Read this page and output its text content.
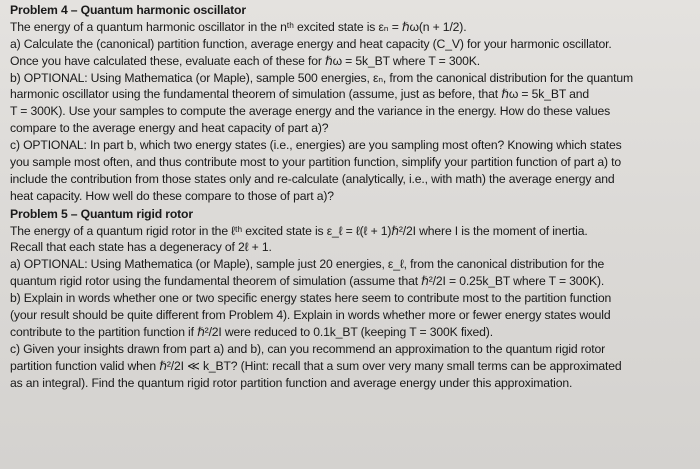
Problem 4 – Quantum harmonic oscillator
The energy of a quantum harmonic oscillator in the nᵗʰ excited state is εₙ = ℏω(n + 1/2).
a) Calculate the (canonical) partition function, average energy and heat capacity (C_V) for your harmonic oscillator.
Once you have calculated these, evaluate each of these for ℏω = 5k_BT where T = 300K.
b) OPTIONAL: Using Mathematica (or Maple), sample 500 energies, εₙ, from the canonical distribution for the quantum
harmonic oscillator using the fundamental theorem of simulation (assume, just as before, that ℏω = 5k_BT and
T = 300K). Use your samples to compute the average energy and the variance in the energy. How do these values
compare to the average energy and heat capacity of part a)?
c) OPTIONAL: In part b, which two energy states (i.e., energies) are you sampling most often? Knowing which states
you sample most often, and thus contribute most to your partition function, simplify your partition function of part a) to
include the contribution from those states only and re-calculate (analytically, i.e., with math) the average energy and
heat capacity. How well do these compare to those of part a)?
Problem 5 – Quantum rigid rotor
The energy of a quantum rigid rotor in the ℓᵗʰ excited state is ε_ℓ = ℓ(ℓ + 1)ℏ²/2I where I is the moment of inertia.
Recall that each state has a degeneracy of 2ℓ + 1.
a) OPTIONAL: Using Mathematica (or Maple), sample just 20 energies, ε_ℓ, from the canonical distribution for the
quantum rigid rotor using the fundamental theorem of simulation (assume that ℏ²/2I = 0.25k_BT where T = 300K).
b) Explain in words whether one or two specific energy states here seem to contribute most to the partition function
(your result should be quite different from Problem 4). Explain in words whether more or fewer energy states would
contribute to the partition function if ℏ²/2I were reduced to 0.1k_BT (keeping T = 300K fixed).
c) Given your insights drawn from part a) and b), can you recommend an approximation to the quantum rigid rotor
partition function valid when ℏ²/2I ≪ k_BT? (Hint: recall that a sum over very many small terms can be approximated
as an integral). Find the quantum rigid rotor partition function and average energy under this approximation.
